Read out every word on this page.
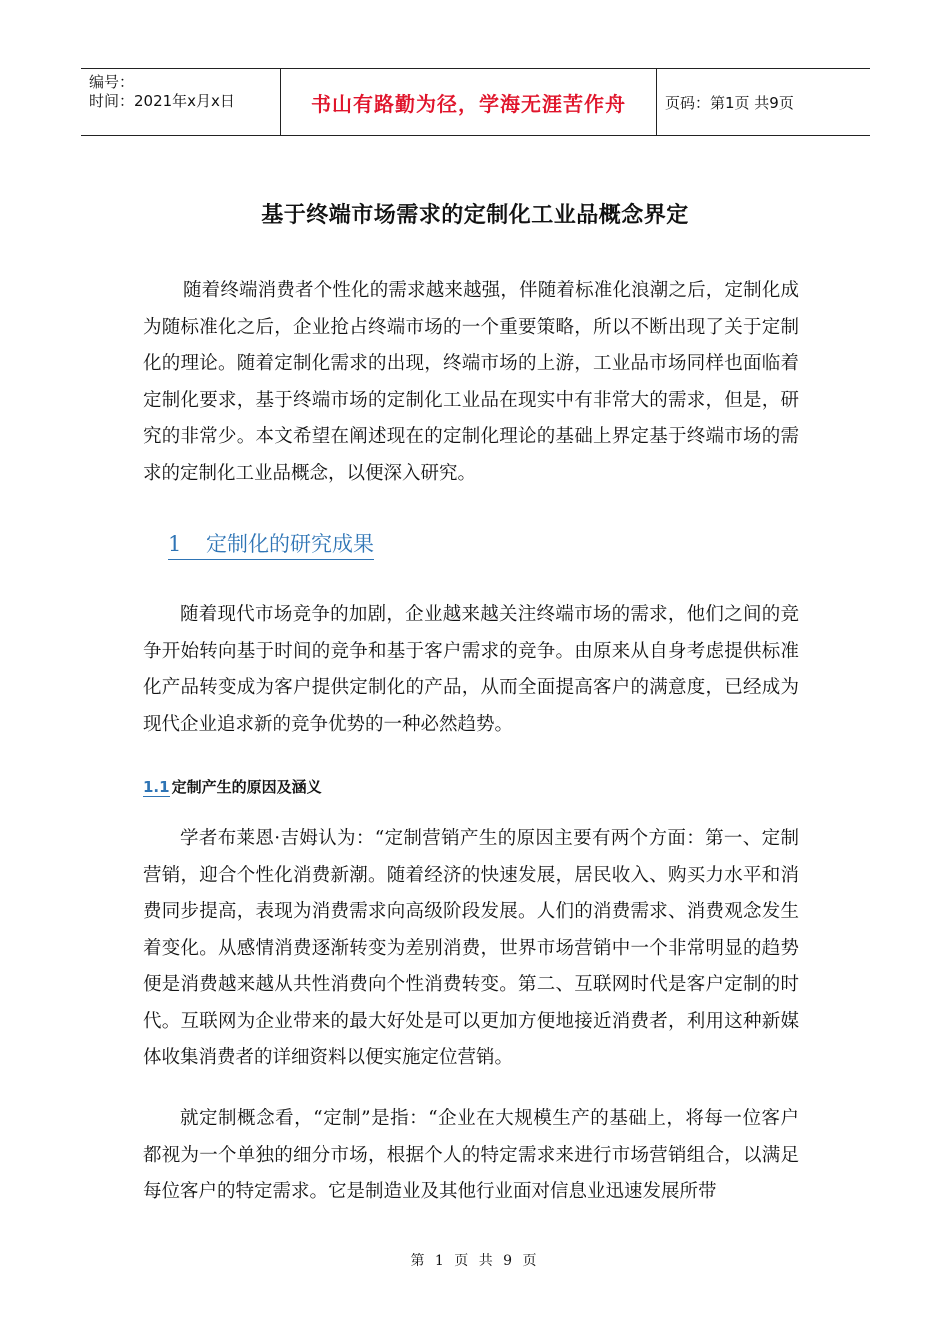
编号：
时间：2021年x月x日	书山有路勤为径，学海无涯苦作舟	页码：第1页 共9页
基于终端市场需求的定制化工业品概念界定

随着终端消费者个性化的需求越来越强，伴随着标准化浪潮之后，定制化成为随标准化之后，企业抢占终端市场的一个重要策略，所以不断出现了关于定制化的理论。随着定制化需求的出现，终端市场的上游，工业品市场同样也面临着定制化要求，基于终端市场的定制化工业品在现实中有非常大的需求，但是，研究的非常少。本文希望在阐述现在的定制化理论的基础上界定基于终端市场的需求的定制化工业品概念，以便深入研究。

1 定制化的研究成果

随着现代市场竞争的加剧，企业越来越关注终端市场的需求，他们之间的竞争开始转向基于时间的竞争和基于客户需求的竞争。由原来从自身考虑提供标准化产品转变成为客户提供定制化的产品，从而全面提高客户的满意度，已经成为现代企业追求新的竞争优势的一种必然趋势。

1.1 定制产生的原因及涵义

学者布莱恩·吉姆认为：“定制营销产生的原因主要有两个方面：第一、定制营销，迎合个性化消费新潮。随着经济的快速发展，居民收入、购买力水平和消费同步提高，表现为消费需求向高级阶段发展。人们的消费需求、消费观念发生着变化。从感情消费逐渐转变为差别消费，世界市场营销中一个非常明显的趋势便是消费越来越从共性消费向个性消费转变。第二、互联网时代是客户定制的时代。互联网为企业带来的最大好处是可以更加方便地接近消费者，利用这种新媒体收集消费者的详细资料以便实施定位营销。

就定制概念看，“定制”是指：“企业在大规模生产的基础上，将每一位客户都视为一个单独的细分市场，根据个人的特定需求来进行市场营销组合，以满足每位客户的特定需求。它是制造业及其他行业面对信息业迅速发展所带

第 1 页 共 9 页
